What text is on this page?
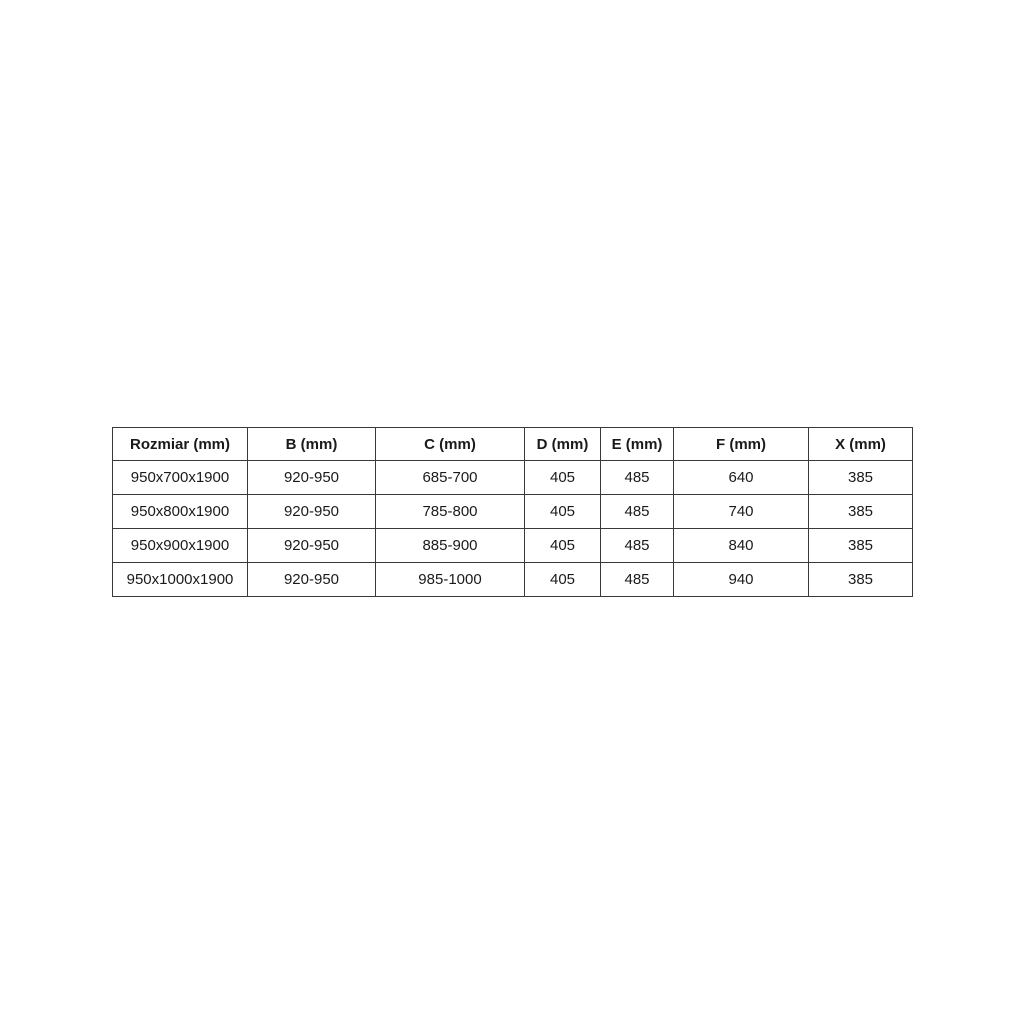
Rozmiar (mm)	B (mm)	C (mm)	D (mm)	E (mm)	F (mm)	X (mm)
950x700x1900	920-950	685-700	405	485	640	385
950x800x1900	920-950	785-800	405	485	740	385
950x900x1900	920-950	885-900	405	485	840	385
950x1000x1900	920-950	985-1000	405	485	940	385
